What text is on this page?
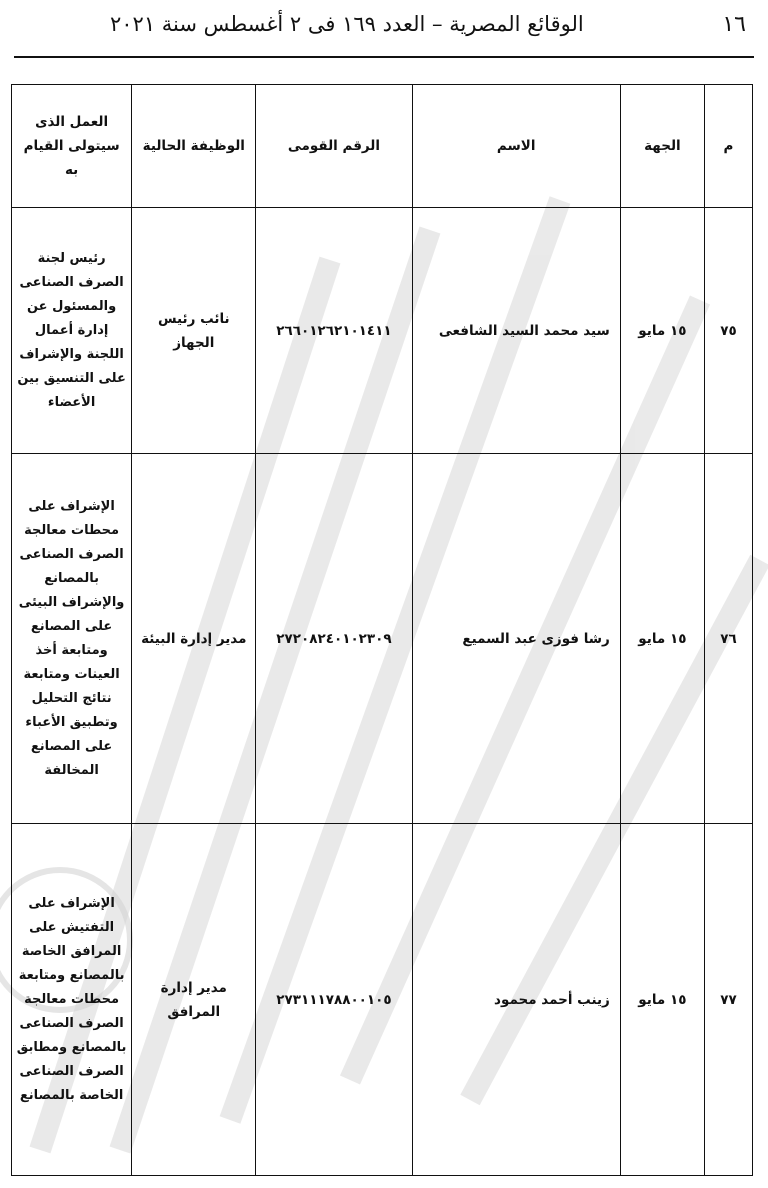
١٦
الوقائع المصرية – العدد ١٦٩ فى ٢ أغسطس سنة ٢٠٢١
م	الجهة	الاسم	الرقم القومى	الوظيفة الحالية	العمل الذى سيتولى القيام به
٧٥	١٥ مايو	سيد محمد السيد الشافعى	٢٦٦٠١٢٦٢١٠١٤١١	نائب رئيس الجهاز	رئيس لجنة الصرف الصناعى والمسئول عن إدارة أعمال اللجنة والإشراف على التنسيق بين الأعضاء
٧٦	١٥ مايو	رشا فوزى عبد السميع	٢٧٢٠٨٢٤٠١٠٢٣٠٩	مدير إدارة البيئة	الإشراف على محطات معالجة الصرف الصناعى بالمصانع والإشراف البيئى على المصانع ومتابعة أخذ العينات ومتابعة نتائج التحليل وتطبيق الأعباء على المصانع المخالفة
٧٧	١٥ مايو	زينب أحمد محمود	٢٧٣١١١٧٨٨٠٠١٠٥	مدير إدارة المرافق	الإشراف على التفتيش على المرافق الخاصة بالمصانع ومتابعة محطات معالجة الصرف الصناعى بالمصانع ومطابق الصرف الصناعى الخاصة بالمصانع
